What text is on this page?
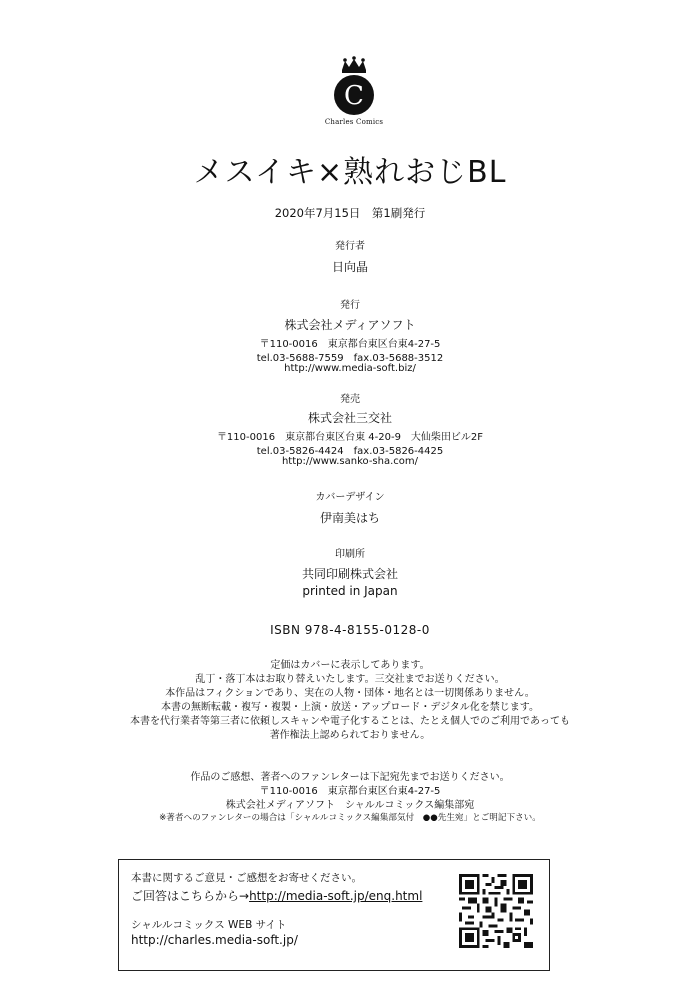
C
Charles Comics
メスイキ×熟れおじBL
2020年7月15日　第1刷発行
発行者
日向晶
発行
株式会社メディアソフト
〒110-0016　東京都台東区台東4-27-5
tel.03-5688-7559　fax.03-5688-3512
http://www.media-soft.biz/
発売
株式会社三交社
〒110-0016　東京都台東区台東 4-20-9　大仙柴田ビル2F
tel.03-5826-4424　fax.03-5826-4425
http://www.sanko-sha.com/
カバーデザイン
伊南美はち
印刷所
共同印刷株式会社
printed in Japan
ISBN 978-4-8155-0128-0
定価はカバーに表示してあります。
乱丁・落丁本はお取り替えいたします。三交社までお送りください。
本作品はフィクションであり、実在の人物・団体・地名とは一切関係ありません。
本書の無断転載・複写・複製・上演・放送・アップロード・デジタル化を禁じます。
本書を代行業者等第三者に依頼しスキャンや電子化することは、たとえ個人でのご利用であっても
著作権法上認められておりません。
作品のご感想、著者へのファンレターは下記宛先までお送りください。
〒110-0016　東京都台東区台東4-27-5
株式会社メディアソフト　シャルルコミックス編集部宛
※著者へのファンレターの場合は「シャルルコミックス編集部気付　●●先生宛」とご明記下さい。
本書に関するご意見・ご感想をお寄せください。
ご回答はこちらから→http://media-soft.jp/enq.html
シャルルコミックス WEB サイト
http://charles.media-soft.jp/
